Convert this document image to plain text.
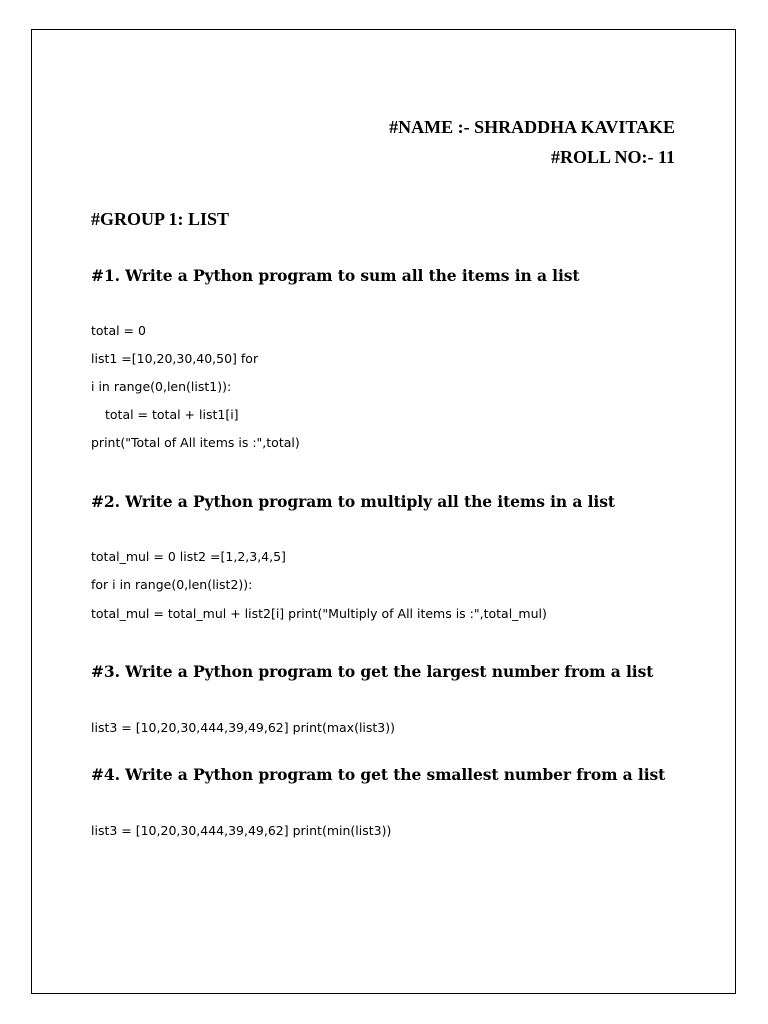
#NAME :- SHRADDHA KAVITAKE
#ROLL NO:- 11
#GROUP 1: LIST
#1. Write a Python program to sum all the items in a list
total = 0
list1 =[10,20,30,40,50] for
i in range(0,len(list1)):
total = total + list1[i]
print("Total of All items is :",total)
#2. Write a Python program to multiply all the items in a list
total_mul = 0 list2 =[1,2,3,4,5]
for i in range(0,len(list2)):
total_mul = total_mul + list2[i] print("Multiply of All items is :",total_mul)
#3. Write a Python program to get the largest number from a list
list3 = [10,20,30,444,39,49,62] print(max(list3))
#4. Write a Python program to get the smallest number from a list
list3 = [10,20,30,444,39,49,62] print(min(list3))
